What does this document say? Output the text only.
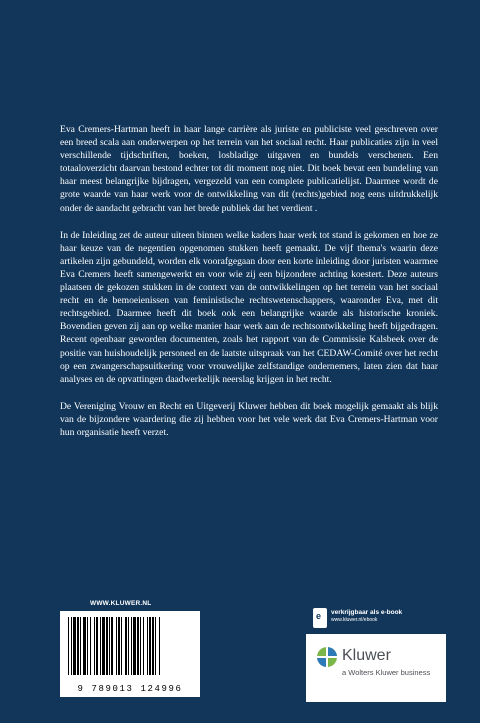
Eva Cremers-Hartman heeft in haar lange carrière als juriste en publiciste veel geschreven over een breed scala aan onderwerpen op het terrein van het sociaal recht. Haar publicaties zijn in veel verschillende tijdschriften, boeken, losbladige uitgaven en bundels verschenen. Een totaaloverzicht daarvan bestond echter tot dit moment nog niet. Dit boek bevat een bundeling van haar meest belangrijke bijdragen, vergezeld van een complete publicatielijst. Daarmee wordt de grote waarde van haar werk voor de ontwikkeling van dit (rechts)gebied nog eens uitdrukkelijk onder de aandacht gebracht van het brede publiek dat het verdient .

In de Inleiding zet de auteur uiteen binnen welke kaders haar werk tot stand is gekomen en hoe ze haar keuze van de negentien opgenomen stukken heeft gemaakt. De vijf thema's waarin deze artikelen zijn gebundeld, worden elk voorafgegaan door een korte inleiding door juristen waarmee Eva Cremers heeft samengewerkt en voor wie zij een bijzondere achting koestert. Deze auteurs plaatsen de gekozen stukken in de context van de ontwikkelingen op het terrein van het sociaal recht en de bemoeienissen van feministische rechtswetenschappers, waaronder Eva, met dit rechtsgebied. Daarmee heeft dit boek ook een belangrijke waarde als historische kroniek. Bovendien geven zij aan op welke manier haar werk aan de rechtsontwikkeling heeft bijgedragen. Recent openbaar geworden documenten, zoals het rapport van de Commissie Kalsbeek over de positie van huishoudelijk personeel en de laatste uitspraak van het CEDAW-Comité over het recht op een zwangerschapsuitkering voor vrouwelijke zelfstandige ondernemers, laten zien dat haar analyses en de opvattingen daadwerkelijk neerslag krijgen in het recht.

De Vereniging Vrouw en Recht en Uitgeverij Kluwer hebben dit boek mogelijk gemaakt als blijk van de bijzondere waardering die zij hebben voor het vele werk dat Eva Cremers-Hartman voor hun organisatie heeft verzet.

WWW.KLUWER.NL
9 789013 124996
e verkrijgbaar als e-book
www.kluwer.nl/ebook
Kluwer
a Wolters Kluwer business
